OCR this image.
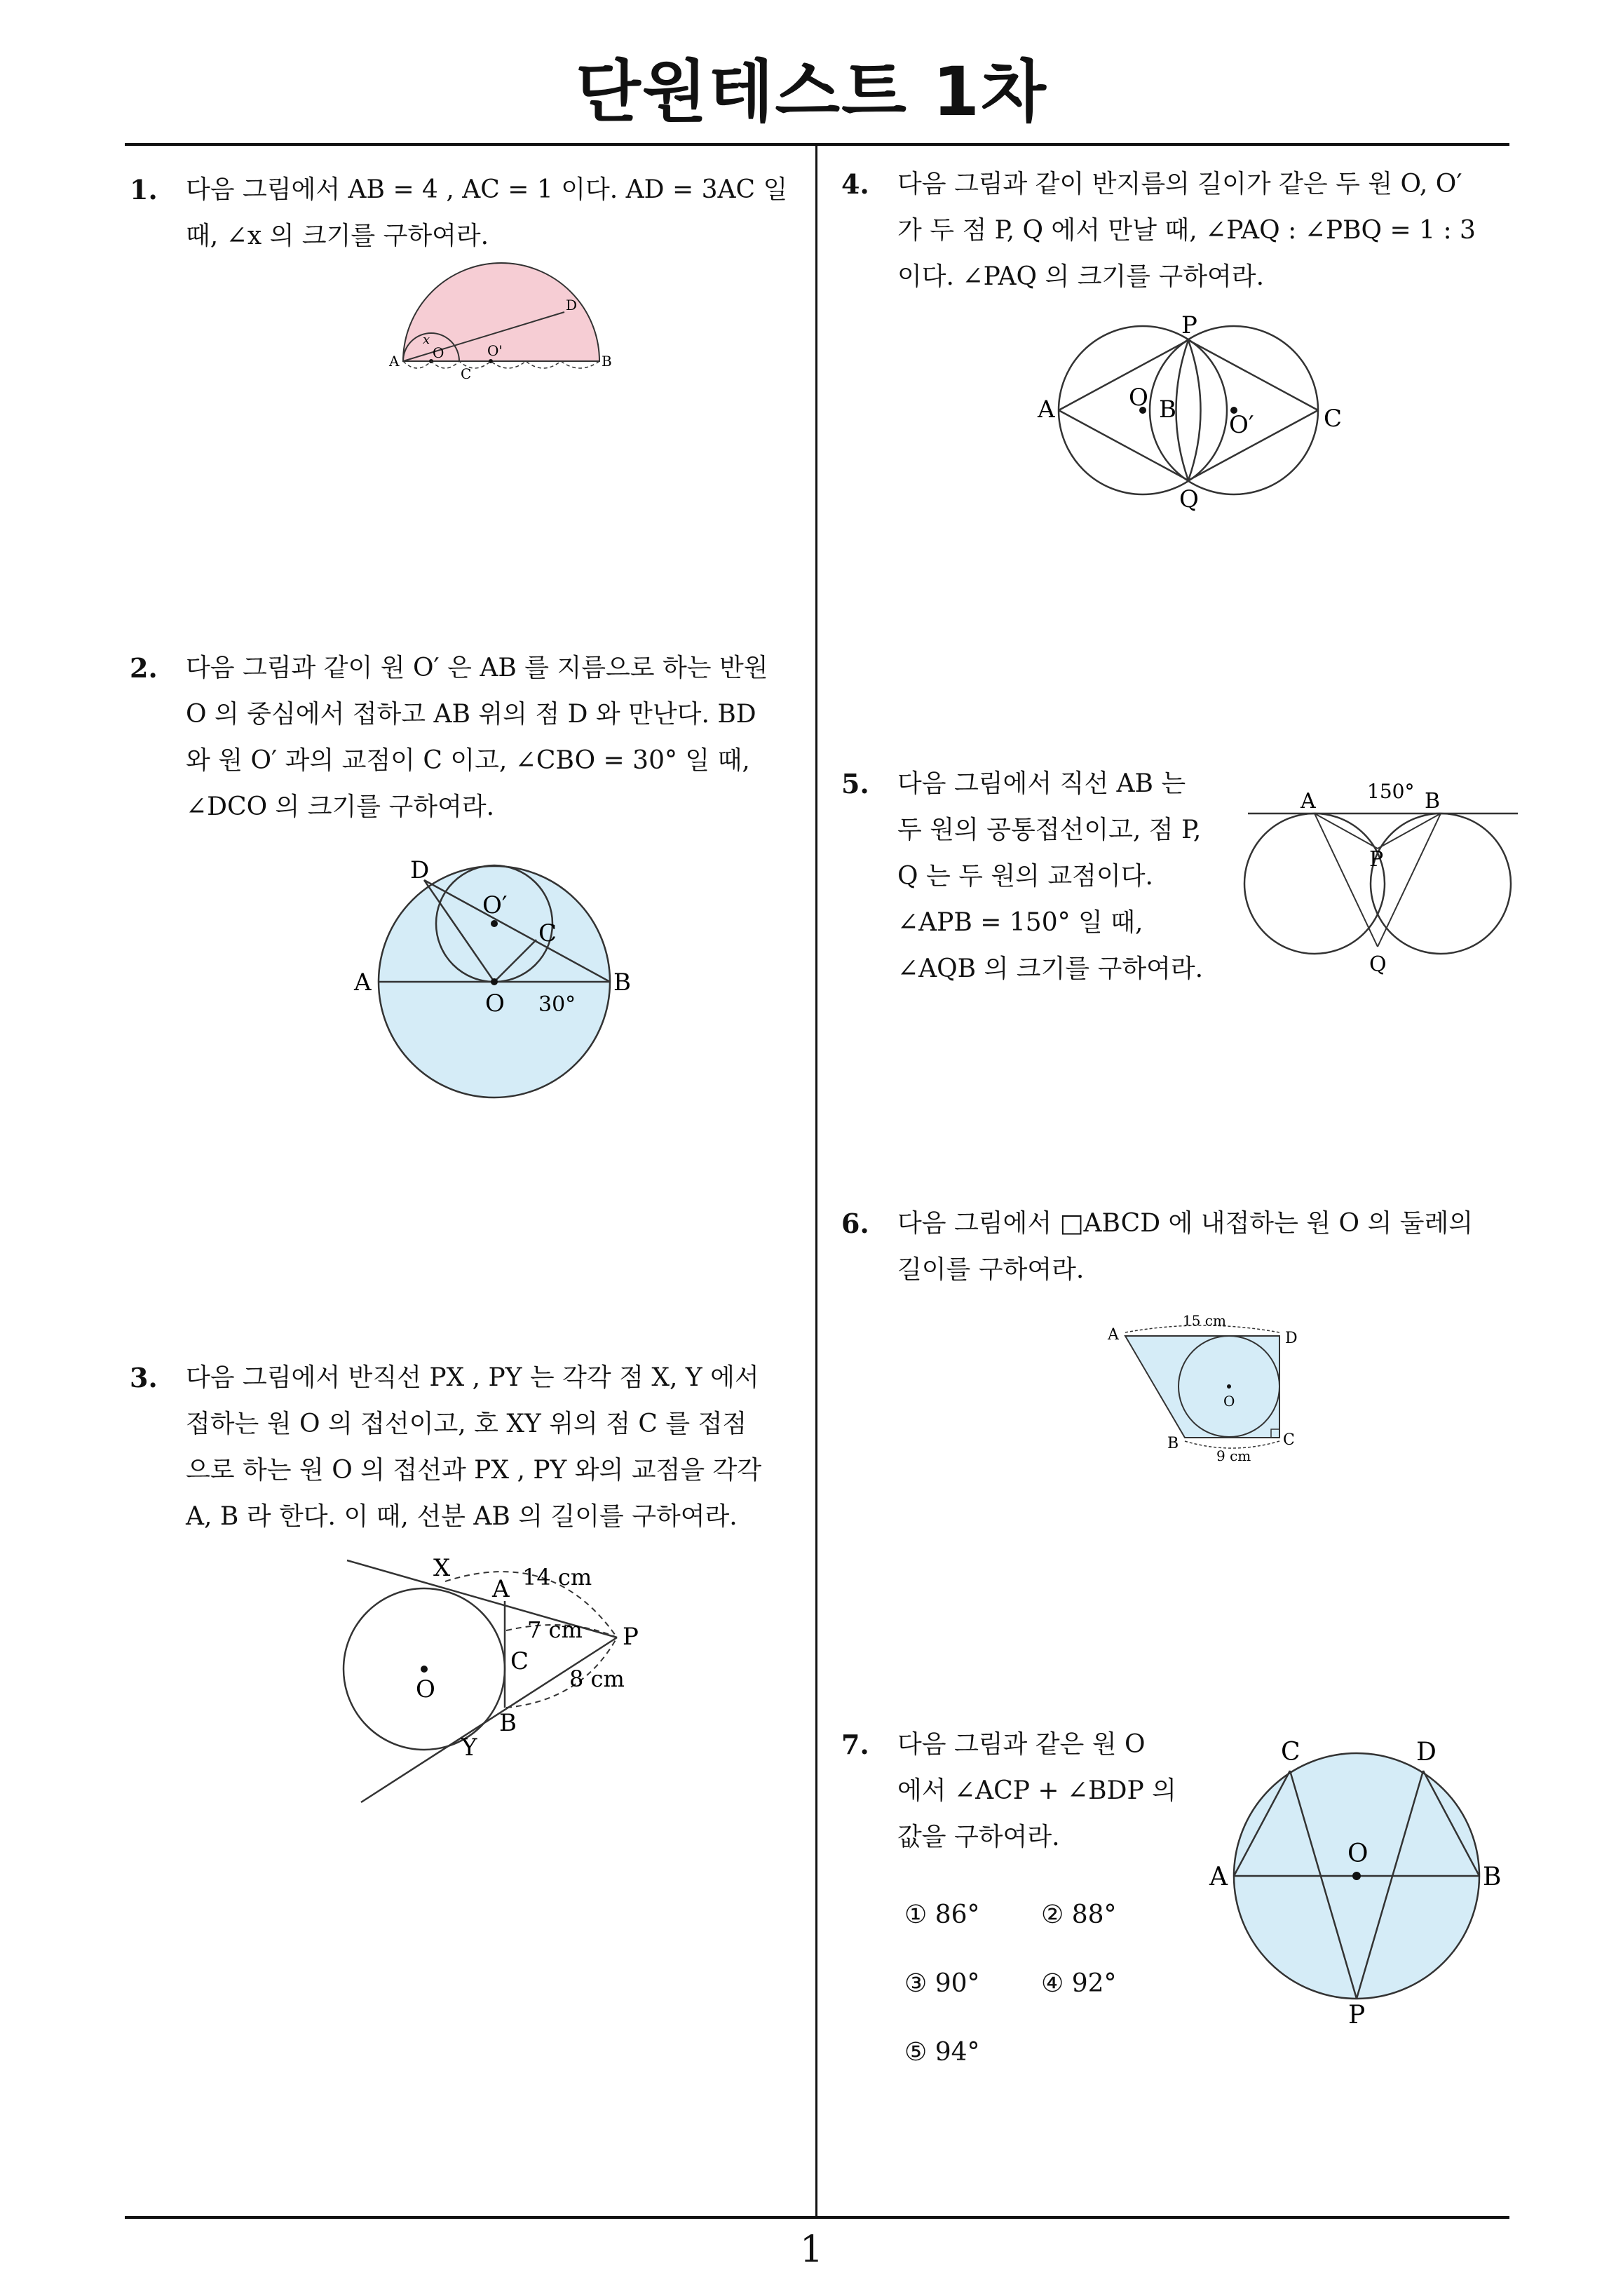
단원테스트 1차
1
1. 다음 그림에서 AB = 4 , AC = 1 이다. AD = 3AC 일
때, ∠x 의 크기를 구하여라.
A O
C
O'
B
D
x
2. 다음 그림과 같이 원 O′ 은 AB 를 지름으로 하는 반원
O 의 중심에서 접하고 AB 위의 점 D 와 만난다. BD
와 원 O′ 과의 교점이 C 이고, ∠CBO = 30° 일 때,
∠DCO 의 크기를 구하여라.
D
O′
C
A
O
B
30°
3. 다음 그림에서 반직선 PX , PY 는 각각 점 X, Y 에서
접하는 원 O 의 접선이고, 호 XY 위의 점 C 를 접점
으로 하는 원 O 의 접선과 PX , PY 와의 교점을 각각
A, B 라 한다. 이 때, 선분 AB 의 길이를 구하여라.
X
A 14 cm
7 cm P
C
O	8 cm
B
Y
4. 다음 그림과 같이 반지름의 길이가 같은 두 원 O, O′
가 두 점 P, Q 에서 만날 때, ∠PAQ : ∠PBQ = 1 : 3
이다. ∠PAQ 의 크기를 구하여라.
P
A	O B
O′	C
Q
5. 다음 그림에서 직선 AB 는
두 원의 공통접선이고, 점 P,
Q 는 두 원의 교점이다.
∠APB = 150° 일 때,
∠AQB 의 크기를 구하여라.
A	150° B
P
Q
6. 다음 그림에서 □ABCD 에 내접하는 원 O 의 둘레의
길이를 구하여라.
A
15 cm
D
O
B
9 cm
C
7. 다음 그림과 같은 원 O
에서 ∠ACP + ∠BDP 의
값을 구하여라.
① 86° ② 88°
③ 90° ④ 92°
⑤ 94°
C	D
A
O
B
P
